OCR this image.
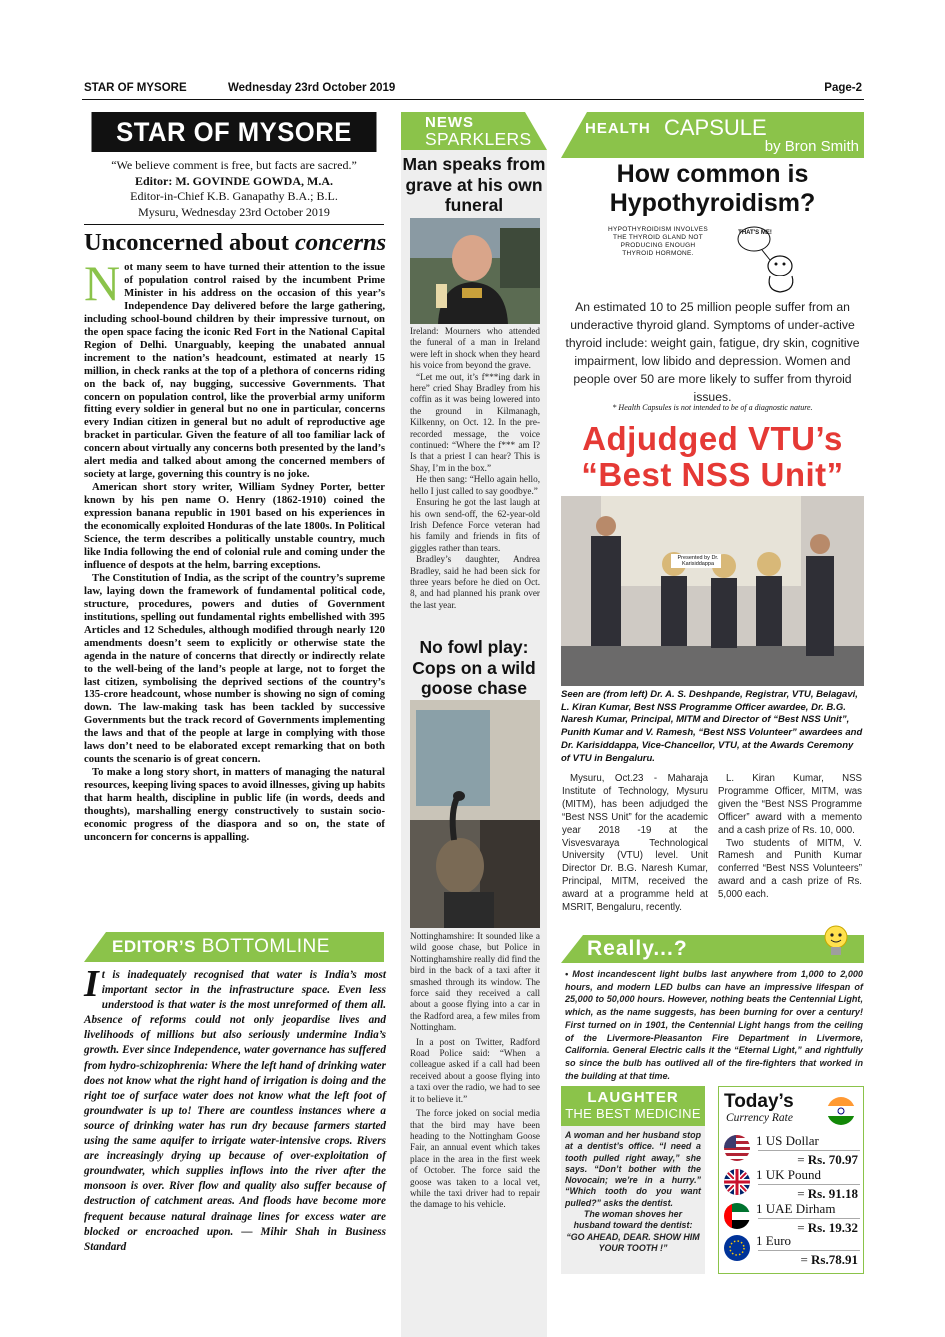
STAR OF MYSORE	Wednesday 23rd October 2019	Page-2
STAR OF MYSORE
“We believe comment is free, but facts are sacred.”
Editor: M. GOVINDE GOWDA, M.A.
Editor-in-Chief K.B. Ganapathy B.A.; B.L.
Mysuru, Wednesday 23rd October 2019
Unconcerned about concerns

Not many seem to have turned their attention to the issue of population control raised by the incumbent Prime Minister in his address on the occasion of this year’s Independence Day delivered before the large gathering, including school-bound children by their impressive turnout, on the open space facing the iconic Red Fort in the National Capital Region of Delhi. Unarguably, keeping the unabated annual increment to the nation’s headcount, estimated at nearly 15 million, in check ranks at the top of a plethora of concerns riding on the back of, nay bugging, successive Governments. That concern on population control, like the proverbial army uniform fitting every soldier in general but no one in particular, concerns every Indian citizen in general but no adult of reproductive age bracket in particular. Given the feature of all too familiar lack of concern about virtually any concerns both presented by the land’s alert media and talked about among the concerned members of society at large, governing this country is no joke.

American short story writer, William Sydney Porter, better known by his pen name O. Henry (1862-1910) coined the expression banana republic in 1901 based on his experiences in the economically exploited Honduras of the late 1800s. In Political Science, the term describes a politically unstable country, much like India following the end of colonial rule and coming under the influence of despots at the helm, barring exceptions.

The Constitution of India, as the script of the country’s supreme law, laying down the framework of fundamental political code, structure, procedures, powers and duties of Government institutions, spelling out fundamental rights embellished with 395 Articles and 12 Schedules, although modified through nearly 120 amendments doesn’t seem to explicitly or otherwise state the agenda in the nature of concerns that directly or indirectly relate to the well-being of the land’s people at large, not to forget the last citizen, symbolising the deprived sections of the country’s 135-crore headcount, whose number is showing no sign of coming down. The law-making task has been tackled by successive Governments but the track record of Governments implementing the laws and that of the people at large in complying with those laws don’t need to be elaborated except remarking that on both counts the scenario is of great concern.

To make a long story short, in matters of managing the natural resources, keeping living spaces to avoid illnesses, giving up habits that harm health, discipline in public life (in words, deeds and thoughts), marshalling energy constructively to sustain socio-economic progress of the diaspora and so on, the state of unconcern for concerns is appalling.

EDITOR’S BOTTOMLINE
It is inadequately recognised that water is India’s most important sector in the infrastructure space. Even less understood is that water is the most unreformed of them all. Absence of reforms could not only jeopardise lives and livelihoods of millions but also seriously undermine India’s growth. Ever since Independence, water governance has suffered from hydro-schizophrenia: Where the left hand of drinking water does not know what the right hand of irrigation is doing and the right toe of surface water does not know what the left foot of groundwater is up to! There are countless instances where a source of drinking water has run dry because farmers started using the same aquifer to irrigate water-intensive crops. Rivers are increasingly drying up because of over-exploitation of groundwater, which supplies inflows into the river after the monsoon is over. River flow and quality also suffer because of destruction of catchment areas. And floods have become more frequent because natural drainage lines for excess water are blocked or encroached upon. — Mihir Shah in Business Standard
NEWS
SPARKLERS
Man speaks from grave at his own funeral

Ireland: Mourners who attended the funeral of a man in Ireland were left in shock when they heard his voice from beyond the grave.

“Let me out, it’s f***ing dark in here” cried Shay Bradley from his coffin as it was being lowered into the ground in Kilmanagh, Kilkenny, on Oct. 12. In the pre-recorded message, the voice continued: “Where the f*** am I? Is that a priest I can hear? This is Shay, I’m in the box.”

He then sang: “Hello again hello, hello I just called to say goodbye.”

Ensuring he got the last laugh at his own send-off, the 62-year-old Irish Defence Force veteran had his family and friends in fits of giggles rather than tears.

Bradley’s daughter, Andrea Bradley, said he had been sick for three years before he died on Oct. 8, and had planned his prank over the last year.

No fowl play: Cops on a wild goose chase

Nottinghamshire: It sounded like a wild goose chase, but Police in Nottinghamshire really did find the bird in the back of a taxi after it smashed through its window. The force said they received a call about a goose flying into a car in the Radford area, a few miles from Nottingham.

In a post on Twitter, Radford Road Police said: “When a colleague asked if a call had been received about a goose flying into a taxi over the radio, we had to see it to believe it.”

The force joked on social media that the bird may have been heading to the Nottingham Goose Fair, an annual event which takes place in the area in the first week of October. The force said the goose was taken to a local vet, while the taxi driver had to repair the damage to his vehicle.

HEALTH CAPSULE
by Bron Smith
How common is Hypothyroidism?
HYPOTHYROIDISM INVOLVES THE THYROID GLAND NOT PRODUCING ENOUGH THYROID HORMONE.
THAT'S ME!
An estimated 10 to 25 million people suffer from an underactive thyroid gland. Symptoms of under-active thyroid include: weight gain, fatigue, dry skin, cognitive impairment, low libido and depression. Women and people over 50 are more likely to suffer from thyroid issues.
* Health Capsules is not intended to be of a diagnostic nature.
Adjudged VTU’s
“Best NSS Unit”
Presented by Dr. Karisiddappa
Seen are (from left) Dr. A. S. Deshpande, Registrar, VTU, Belagavi, L. Kiran Kumar, Best NSS Programme Officer awardee, Dr. B.G. Naresh Kumar, Principal, MITM and Director of “Best NSS Unit”, Punith Kumar and V. Ramesh, “Best NSS Volunteer” awardees and Dr. Karisiddappa, Vice-Chancellor, VTU, at the Awards Ceremony of VTU in Bengaluru.

Mysuru, Oct.23 - Maharaja Institute of Technology, Mysuru (MITM), has been adjudged the “Best NSS Unit” for the academic year 2018 -19 at the Visvesvaraya Technological University (VTU) level. Unit Director Dr. B.G. Naresh Kumar, Principal, MITM, received the award at a programme held at MSRIT, Bengaluru, recently.

L. Kiran Kumar, NSS Programme Officer, MITM, was given the “Best NSS Programme Officer” award with a memento and a cash prize of Rs. 10, 000.

Two students of MITM, V. Ramesh and Punith Kumar conferred “Best NSS Volunteers” award and a cash prize of Rs. 5,000 each.

Really...?
• Most incandescent light bulbs last anywhere from 1,000 to 2,000 hours, and modern LED bulbs can have an impressive lifespan of 25,000 to 50,000 hours. However, nothing beats the Centennial Light, which, as the name suggests, has been burning for over a century! First turned on in 1901, the Centennial Light hangs from the ceiling of the Livermore-Pleasanton Fire Department in Livermore, California. General Electric calls it the “Eternal Light,” and rightfully so since the bulb has outlived all of the fire-fighters that worked in the building at that time.
LAUGHTER
THE BEST MEDICINE
A woman and her husband stop at a dentist’s office. “I need a tooth pulled right away,” she says. “Don’t bother with the Novocain; we’re in a hurry.” “Which tooth do you want pulled?” asks the dentist.
The woman shoves her husband toward the dentist: “GO AHEAD, DEAR. SHOW HIM YOUR TOOTH !”
Today’s
Currency Rate
1 US Dollar
= Rs. 70.97
1 UK Pound
= Rs. 91.18
1 UAE Dirham
= Rs. 19.32
1 Euro
= Rs.78.91
